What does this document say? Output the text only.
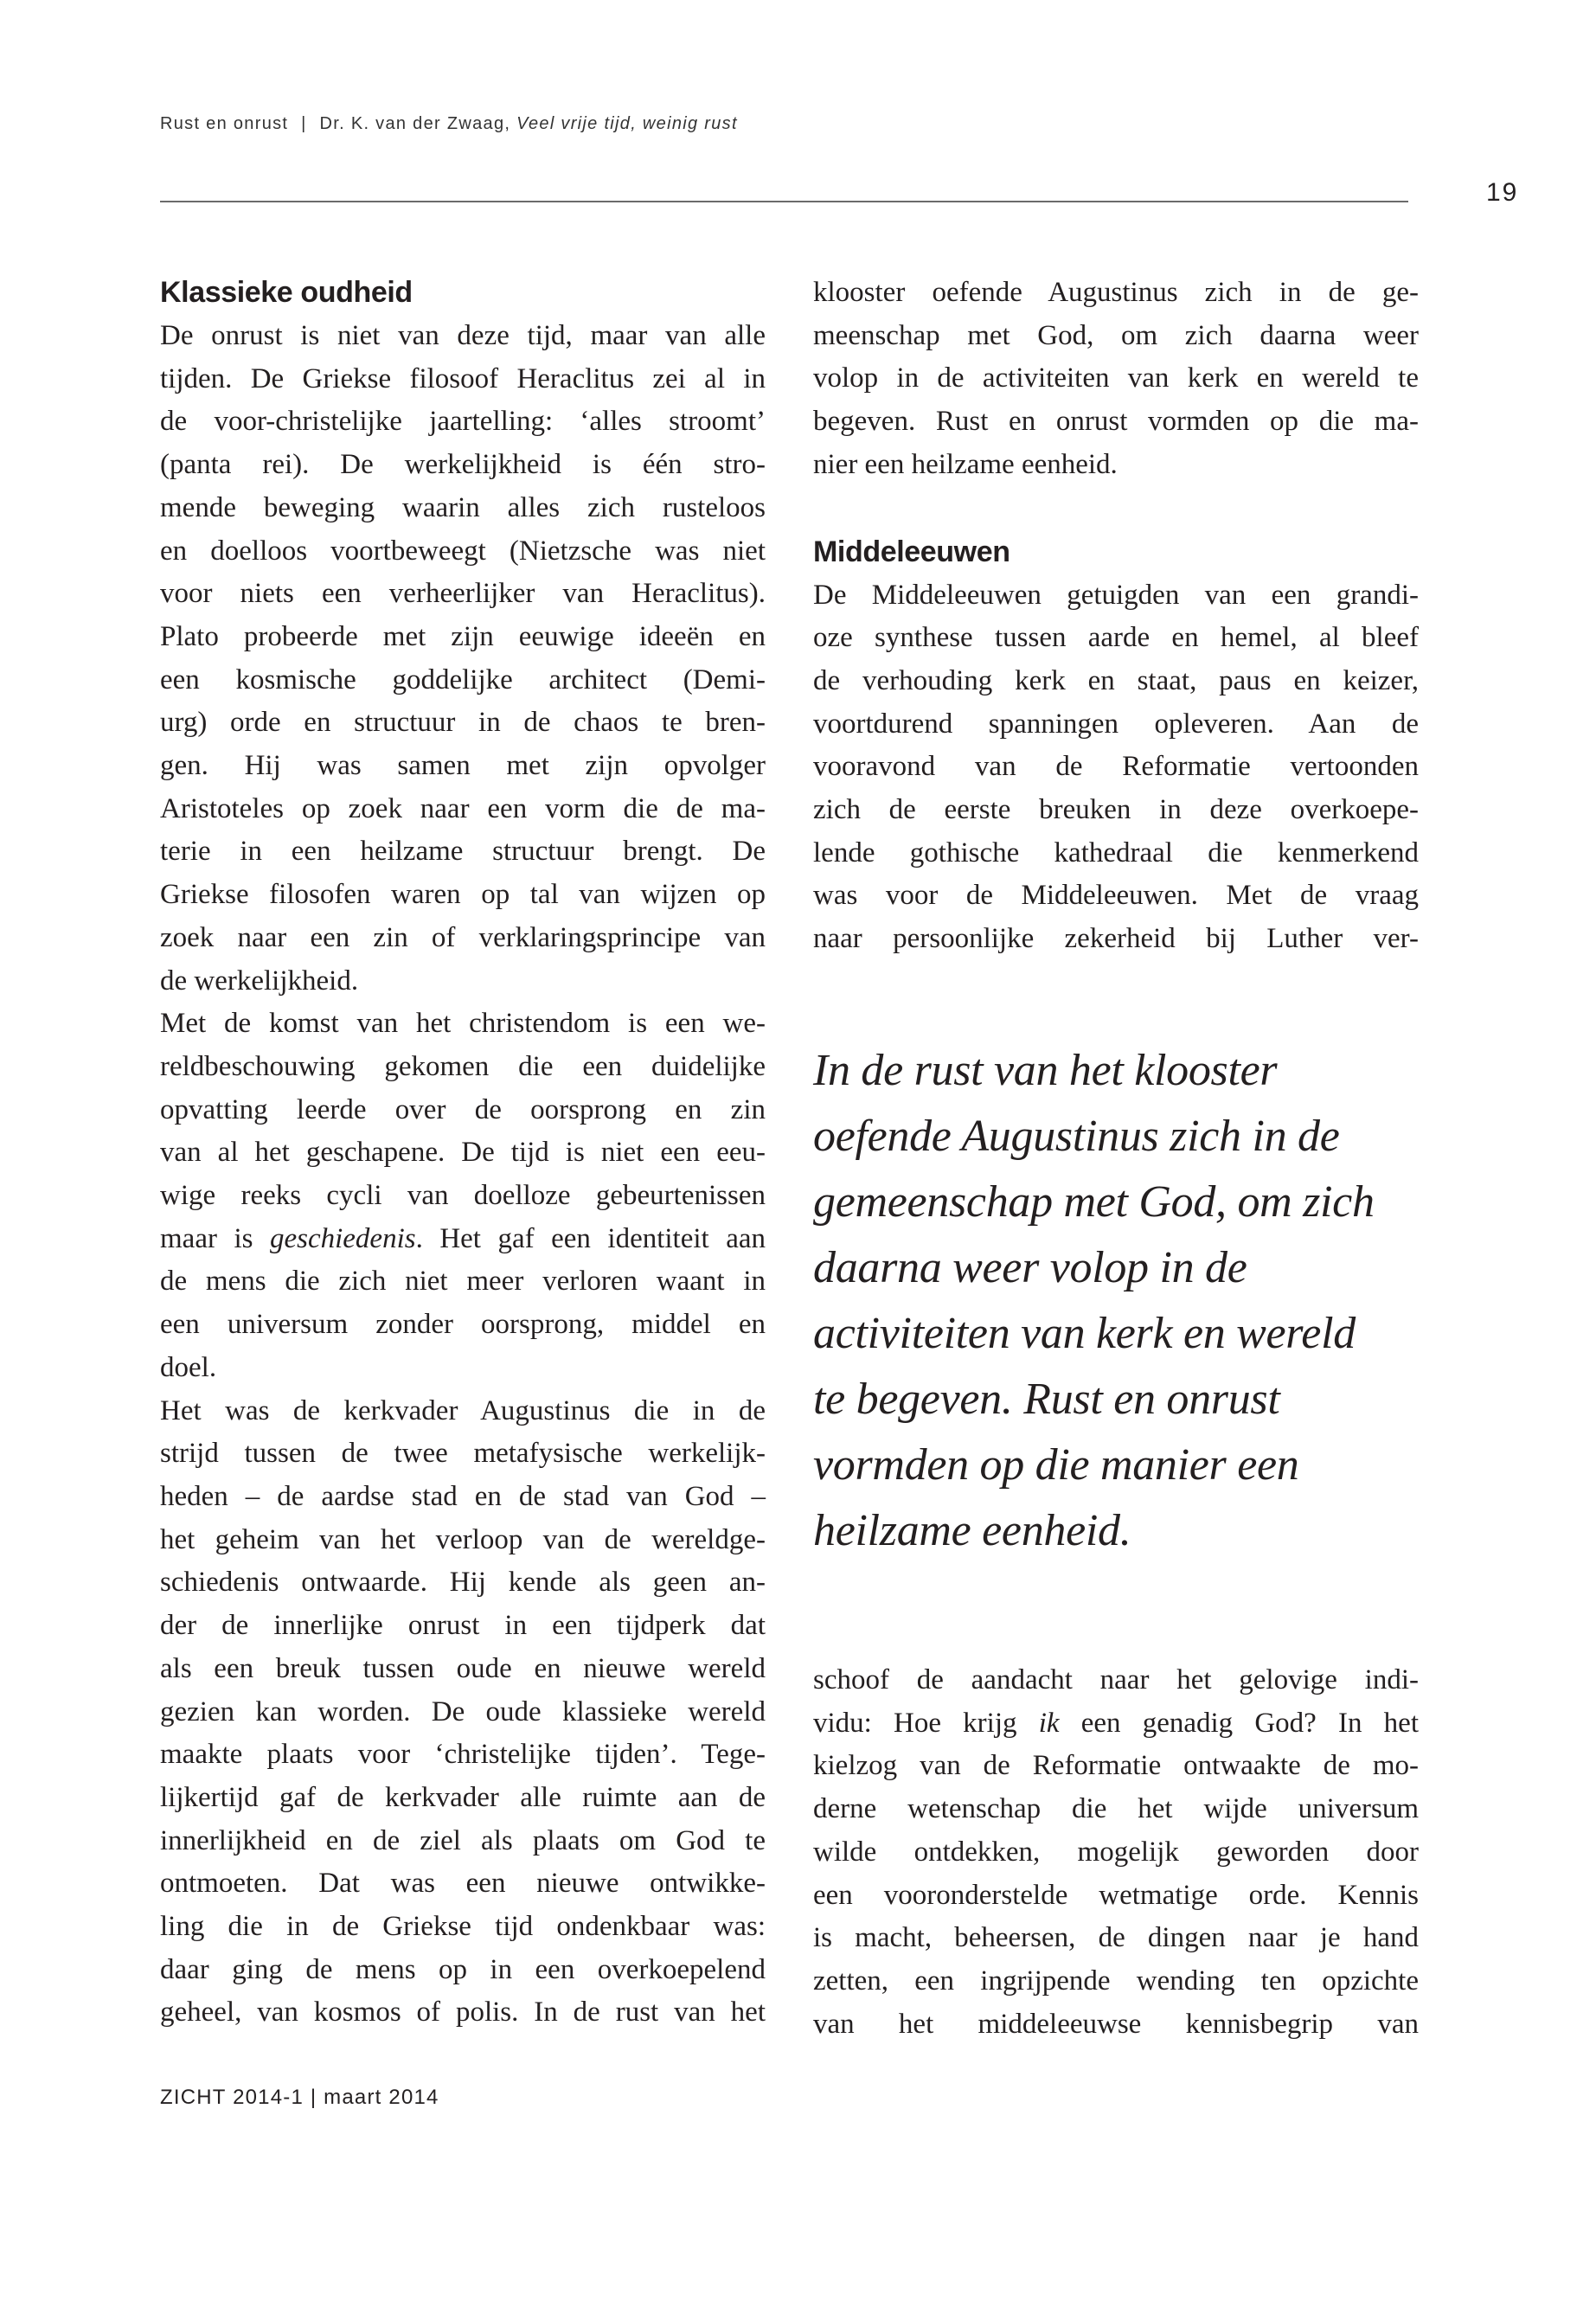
Rust en onrust | Dr. K. van der Zwaag, Veel vrije tijd, weinig rust
19
Klassieke oudheid
De onrust is niet van deze tijd, maar van alle
tijden. De Griekse filosoof Heraclitus zei al in
de voor-christelijke jaartelling: ‘alles stroomt’
(panta rei). De werkelijkheid is één stro-
mende beweging waarin alles zich rusteloos
en doelloos voortbeweegt (Nietzsche was niet
voor niets een verheerlijker van Heraclitus).
Plato probeerde met zijn eeuwige ideeën en
een kosmische goddelijke architect (Demi-
urg) orde en structuur in de chaos te bren-
gen. Hij was samen met zijn opvolger
Aristoteles op zoek naar een vorm die de ma-
terie in een heilzame structuur brengt. De
Griekse filosofen waren op tal van wijzen op
zoek naar een zin of verklaringsprincipe van
de werkelijkheid.
Met de komst van het christendom is een we-
reldbeschouwing gekomen die een duidelijke
opvatting leerde over de oorsprong en zin
van al het geschapene. De tijd is niet een eeu-
wige reeks cycli van doelloze gebeurtenissen
maar is geschiedenis. Het gaf een identiteit aan
de mens die zich niet meer verloren waant in
een universum zonder oorsprong, middel en
doel.
Het was de kerkvader Augustinus die in de
strijd tussen de twee metafysische werkelijk-
heden – de aardse stad en de stad van God –
het geheim van het verloop van de wereldge-
schiedenis ontwaarde. Hij kende als geen an-
der de innerlijke onrust in een tijdperk dat
als een breuk tussen oude en nieuwe wereld
gezien kan worden. De oude klassieke wereld
maakte plaats voor ‘christelijke tijden’. Tege-
lijkertijd gaf de kerkvader alle ruimte aan de
innerlijkheid en de ziel als plaats om God te
ontmoeten. Dat was een nieuwe ontwikke-
ling die in de Griekse tijd ondenkbaar was:
daar ging de mens op in een overkoepelend
geheel, van kosmos of polis. In de rust van het
klooster oefende Augustinus zich in de ge-
meenschap met God, om zich daarna weer
volop in de activiteiten van kerk en wereld te
begeven. Rust en onrust vormden op die ma-
nier een heilzame eenheid.
Middeleeuwen
De Middeleeuwen getuigden van een grandi-
oze synthese tussen aarde en hemel, al bleef
de verhouding kerk en staat, paus en keizer,
voortdurend spanningen opleveren. Aan de
vooravond van de Reformatie vertoonden
zich de eerste breuken in deze overkoepe-
lende gothische kathedraal die kenmerkend
was voor de Middeleeuwen. Met de vraag
naar persoonlijke zekerheid bij Luther ver-
In de rust van het klooster
oefende Augustinus zich in de
gemeenschap met God, om zich
daarna weer volop in de
activiteiten van kerk en wereld
te begeven. Rust en onrust
vormden op die manier een
heilzame eenheid.
schoof de aandacht naar het gelovige indi-
vidu: Hoe krijg ik een genadig God? In het
kielzog van de Reformatie ontwaakte de mo-
derne wetenschap die het wijde universum
wilde ontdekken, mogelijk geworden door
een vooronderstelde wetmatige orde. Kennis
is macht, beheersen, de dingen naar je hand
zetten, een ingrijpende wending ten opzichte
van het middeleeuwse kennisbegrip van
ZICHT 2014-1 | maart 2014
